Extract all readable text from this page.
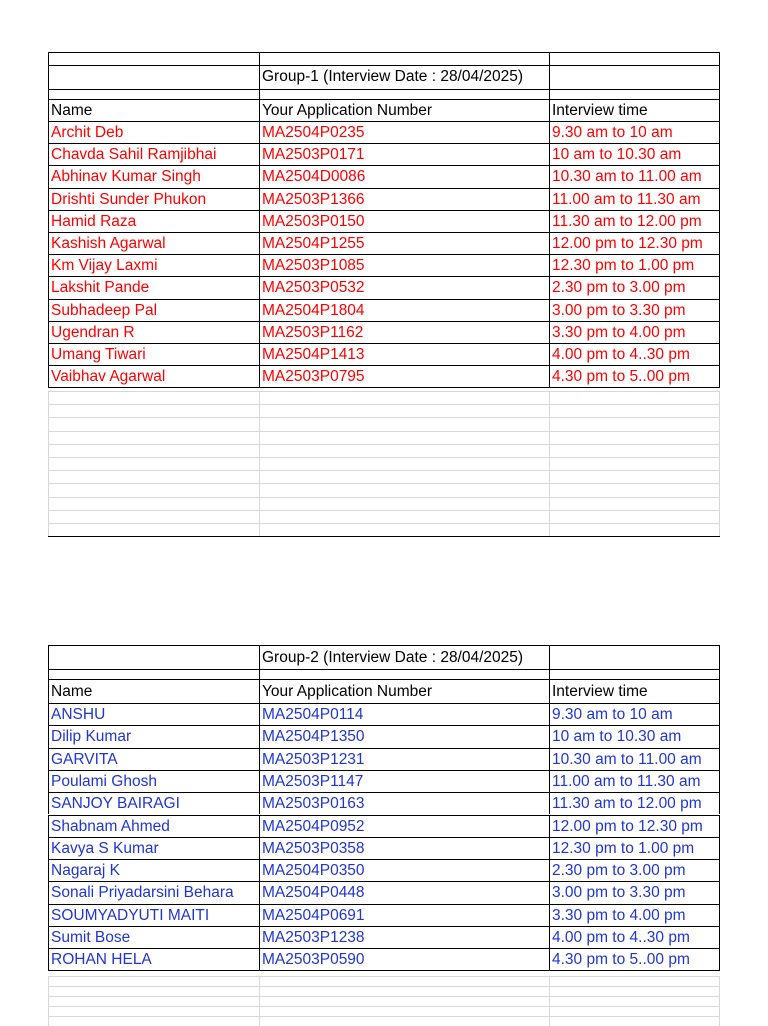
Group-1 (Interview Date : 28/04/2025)
Name	Your Application Number	Interview time
Archit Deb	MA2504P0235	9.30 am to 10 am
Chavda Sahil Ramjibhai	MA2503P0171	10 am to 10.30 am
Abhinav Kumar Singh	MA2504D0086	10.30 am to 11.00 am
Drishti Sunder Phukon	MA2503P1366	11.00 am to 11.30 am
Hamid Raza	MA2503P0150	11.30 am to 12.00 pm
Kashish Agarwal	MA2504P1255	12.00 pm to 12.30 pm
Km Vijay Laxmi	MA2503P1085	12.30 pm to 1.00 pm
Lakshit Pande	MA2503P0532	2.30 pm to 3.00 pm
Subhadeep Pal	MA2504P1804	3.00 pm to 3.30 pm
Ugendran R	MA2503P1162	3.30 pm to 4.00 pm
Umang Tiwari	MA2504P1413	4.00 pm to 4..30 pm
Vaibhav Agarwal	MA2503P0795	4.30 pm to 5..00 pm
Group-2 (Interview Date : 28/04/2025)
Name	Your Application Number	Interview time
ANSHU	MA2504P0114	9.30 am to 10 am
Dilip Kumar	MA2504P1350	10 am to 10.30 am
GARVITA	MA2503P1231	10.30 am to 11.00 am
Poulami Ghosh	MA2503P1147	11.00 am to 11.30 am
SANJOY BAIRAGI	MA2503P0163	11.30 am to 12.00 pm
Shabnam Ahmed	MA2504P0952	12.00 pm to 12.30 pm
Kavya S Kumar	MA2503P0358	12.30 pm to 1.00 pm
Nagaraj K	MA2504P0350	2.30 pm to 3.00 pm
Sonali Priyadarsini Behara	MA2504P0448	3.00 pm to 3.30 pm
SOUMYADYUTI MAITI	MA2504P0691	3.30 pm to 4.00 pm
Sumit Bose	MA2503P1238	4.00 pm to 4..30 pm
ROHAN HELA	MA2503P0590	4.30 pm to 5..00 pm
